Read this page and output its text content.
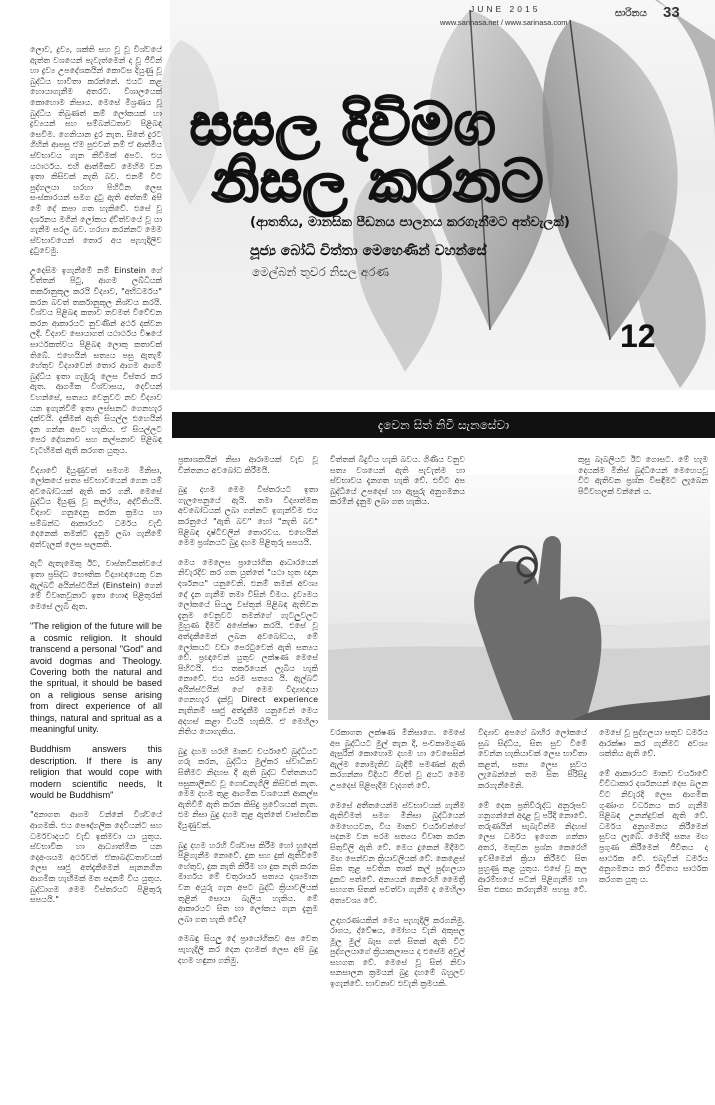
JUNE 2015
www.sarinasa.net / www.sarinasa.com
සාරිනය 33
සසල දිවිමග
නිසල කරනට
(ආතතිය, මානසික පීඩනය පාලනය කරගැනීමට අත්වැලක්)
පූජ්‍ය බෝධි චිත්තා මෙහෙණින් වහන්සේ
මෙල්බන් තුවර නිසල අරණ
12
දැවෙන සිත් නිවී සැනසේවා

ලොව, ද්‍රව්‍ය, ශක්ති සහ වූ වූ විශ්වයේ ඇත්ත වශයෙන් පැවැත්මෙන් ද වූ ජීවීන් හා ද්‍රව්‍ය උපදේශකයින් කොටස දියුණු වූ බුද්ධිය භාවිතා කරන්නේ. එයට කළ හොයාගැනීම අතරට. විශාලයෙක් කොහොම නිසාය. මෙසේ මිශ්‍රණය වූ බුද්ධිය තිබුණත් කම් ලෝකයක් හා ද්‍රව්‍යයන් සහ සම්බන්ධතාව පිළිබඳ සෙවීම. ගෙනියාන දුර නැත. සිතේ දුරට ගිහින් ආපසු ඒම පුළුවන් නම් ඒ ආත්මීය ස්වභාවය ගැන කිවීමක් අපට. එය යථාර්ථය. එහි ආත්මිකව මෙහිම වන ඉතා කිසිවක් නැති බව. එනම් විට පුද්ගලයා හරහා පිහිටින ලෙස සංස්කාරයන් සමග දුටු ඇති අත්තම් අපි මේ දේ කපා ගත හැකිවේ. එසේ වූ දර්ශනය මගින් ලෝකය ද්විත්වයේ වූ යා ගැනීම සරල බව. හරහා කරන්නට මෙම ස්වභාවයෙන් තොර අය පැහැදිලිව දුටුවෙමු.

උදෙසිම ඉගැනීමේ නම් Einstein ගේ චිත්තන් පිටු, ආගම ලබ්ධියක් තර්කානුකූල කරයි විද්‍යාව, "අභිධර්මය" කරන බවත් තර්කානුකූල නිශ්චය කරයි. විශ්වය පිළිබඳ කතාව තවමත් විවේචන කරන ආකාරයට නුවණින් අර්ථ දක්වන ලදී. විද්‍යාව සොයාගත් යථාර්ථය විෂයේ සාර්ථකත්වය පිළිබඳ ලොකු කතාවක් තිබේ. එහෙයින් සත්‍යය පසු ඇතැම් හේතුව විද්‍යාවෙන් තොර ආගම ආගම් බුද්ධිය ඉතා ගැඹුරු ලෙස විස්තර කර ඇත. ආගමික විශ්වාසය, දෙවියන් වහන්සේ, සත්‍යය වෙනුවට නව විද්‍යාව යන ඉගැන්වීම් ඉතා ලස්සනට ගෙනහැර දක්වයි. දැකීමක් ඇති සියල්ල එහෙයින් දැන ගන්න අපට හැකිය. ඒ සියල්ලට පෙර දේශනාව සහ කල්පනාව පිළිබඳ වැටහීමක් ඇති කරගත යුතුය.

විද්‍යාවේ දියුණුවත් සමගම මිනිසා, ලෝකයේ සත්‍ය ස්වභාවයෙන් ගෙන යම් අවබෝධයක් ඇති කර ගනී. මෙසේ බුද්ධිය දියුණු වූ කල්හිය, අද්විතියයි. විද්‍යාව ගනුදෙනු කරන ක්‍රමය හා සම්බන්ධ ආකාරයට ධර්මය වැඩි දෙනෙක් තමන්ට දැනුම ලබා ගැනීමේ අත්වැලක් ලෙස සලකති.

ඇටි ඇතැමෙකු ඊට, වාස්තවිකත්වයේ ඉතා ප්‍රසිද්ධ භෞතික විද්‍යාඥයෙකු වන ඇල්බට් අයින්ස්ටයින් (Einstein) ගෙන් මේ විවෘතවුනාට ඉතා හොඳ පිළිතුරක් මෙසේ ලැබී ඇත.

"The religion of the future will be a cosmic religion. It should transcend a personal "God" and avoid dogmas and Theology. Covering both the natural and the spritual, it should be based on a religious sense arising from direct experience of all things, natural and spritual as a meaningful unity.

Buddhism answers this description. If there is any religion that would cope with modern scientific needs, It would be Buddhism"

"අනාගත ආගම වන්නේ විශ්වයේ ආගමකි. එය පෞද්ගලික දෙවියන්ට සහ ධර්මවාදයට වැඩි ඉක්මවා යා යුතුය. ස්වභාවික හා ආධ්‍යාත්මික යන දෙඅංශයම අර්ථවත් ඒකාබද්ධතාවයක් ලෙස ඍජු අත්දැකීමෙන් පැනනගින ආගමික හැඟීමක් මත පදනම් විය යුතුය. බුද්ධාගම මෙම විස්තරයට පිළිතුරු සපයයි."

ප්‍රකාශකයින් නිසා ආරාමයක් වැඩ වූ චින්තනය අවබෝධ කිරීමයි.

බුදු දහම මෙම විස්තරයට ඉතා ගැලපෙනුයේ ඇයි. තමා විද්‍යාත්මක අවබෝධයක් ලබා ගන්නට ඉගැන්වීම එය කරනුයේ "ඇති බව" හෝ "නැති බව" පිළිබඳ දෘෂ්ටිවලින් තොරවය. එහෙයින් මෙම ප්‍රශ්නයට බුදු දහම පිළිතුරු සපයයි.

මෙය මෙලෙස ප්‍රායෝගික ආධාරයෙන් නිවැරදිව කර ගත යුත්තේ "යථා භූත ඥාන දර්ශනය" යනුවෙනි. එනම් තමන් අවශ්‍ය දේ දැන ගැනීම තමා විසින් වීමය. ද්‍රව්‍යමය ලෝකයේ සියලු වස්තූන් පිළිබඳ ඇතිවන දැනුම වෙනුවට තමන්ගේ ගැටලුවලට මුහුණ දීමට අපේක්ෂා කරයි. එසේ වූ අත්දැකීමෙන් ලබන අවබෝධය, මේ ලෝකයට වඩා පෙරටුවෙන් ඇති සත්‍යය වේ. ප්‍රඥාවෙන් යුතුව ලක්ෂණ මෙසේ පිහිටයි. එය තර්කයෙන් ලැබිය හැකි නොවේ. එය පරම සත්‍යය යි. ඇල්බට් අයින්ස්ටයින් ගේ මෙම විද්‍යාඥයා ගෙනහැර දැක්වූ Direct experience නැතිනම් ඍජු අත්දැකීම යනුවෙන් මෙය අදහස් කළා වියයි හැකියි. ඒ මෙහිලා නිතිය යොගැකිය.

බුදු දහම හරහි මානව චර්යාවේ බුද්ධියට ගරු කරන, බුද්ධිය මුල්කර ස්වාධීනව සිතීමට නිදහස දී ඇති බුද්ධ චිත්තනයට පසුකාලීනව වූ ගොඩනැගිලි කිසිවක් නැත. මෙම දහම තුළ ආගමික වශයෙන් ආකල්ප ඇතිවීම් ඇති කරන කිසිදු ප්‍රවේශයක් නැත. එම නිසා බුදු දහම තුළ ඇත්තේ වාස්තවික දියුණුවක්.

බුදු දහම හරහි විශ්වාස කිරීම හෝ හුදෙක් පිළිගැනීම නොවේ. දුක සහ දුක් ඇතිවීමේ හේතුව, දුක නැති කිරීම හා දුක නැති කරන මාර්ගය මේ චතුරාර්ය සත්‍යය දෘශ්‍යමාන වන අයුරු ගැන අපට බුද්ධි ක්‍රියාවලියක් තුළින් සොයා බැලිය හැකිය. මේ ආකාරයට සිත හා ලෝකය ගැන දැනුම ලබා ගත හැකි වේද?

මෙබඳු සියලු දේ ප්‍රායෝගිකව අප වෙත පැහැදිලි කර දෙන දහමක් ලෙස අපි බුදු දහම හඳුනා ගනිමු.

චිත්තක් බිදුවිය හැකි බවය. ගිණිය වනුව සත්‍ය වශයෙන් ඇති පැවැත්ම හා ස්වභාවය දැනගත හැකි වේ. එවිට අප බුද්ධියේ උපදෙස් හා ඇසුරු අනුගමනය කරමින් දැනුම ලබා ගත හැකිය.

වරකාගත ලක්ෂණ මිනිසාගෙ. මෙසේ අප බුද්ධියට මුල් තැන දී, පංචකාමගුණ ඇසුරින් කොහොම දහම හා වෙසෙසින් ඇල්ම නොමැතිව බැඳීම් පමණක් ඇති කරගන්නා විදියට ජීවත් වූ අයට මෙම උපදෙස් පිළිපැදීම වැදගත් වේ.

මෙසේ අතීතයෙන්ම ස්වභාවයක් ගැනීම ඇතිවීමත් සමග මිනිසා බුද්ධියෙන් මෙහෙයවන, විය මානව චර්යාවන්ගේ පදනම වන පරම සත්‍යය විවෘත කරන සිතුවිලි ඇති වේ. මෙය දුකෙන් මිදීමට මඟ පෙන්වන ක්‍රියාවලියක් වේ. කෙළෙස් සිත තුළ පවතින තාක් කල් පුද්ගලයා දුකට පත්වේ. අන්‍යයන් කෙරෙහි මෛත්‍රී සහගත සිතක් පවත්වා ගැනීම ද මෙහිලා අත්‍යවශ්‍ය වේ.

උදාහරණයකින් මෙය පැහැදිලි කරගනිමු. රාගය, ද්වේෂය, මෝහය වැනි අකුසල මූල මුල් බැස ගත් සිතක් ඇති විට පුද්ගලයාගේ ක්‍රියාකලාපය ද එසේම අවුල් සහගත වේ. මෙසේ වූ සිත් නිවා සනසාලන ක්‍රමයන් බුදු දහමේ බහුලව ඉගැන්වේ. භාවනාව එවැනි ක්‍රමයකි.

කුසු බෑබලියට ඊට ගොසට. මේ හැම දෙයක්ම මිනිස් බුද්ධියෙන් මෙහෙයවූ විට ඇතිවන ප්‍රශ්න විසඳීමට ලැබෙන පිටිවහලක් වන්නේ ය.

විද්‍යාව අපගේ බාහිර ලෝකයේ සුබ සිද්ධිය, සිත සුව වීමේ වෙන්න හැකියාවක් ලෙස භාවිතා කළත්, සත්‍ය ලෙස සුවය ලැබෙන්නේ තම සිත පිරිසිදු කරගැනීමෙනි.

මේ දෙක ප්‍රතිවිරුද්ධ අනුරූපව ගනුගන්නේ අදාළ වූ පරිදි නොවේ. තරුණයින් සැබැවින්ම නිදහස් ලෙස ධර්මය ඉගෙන ගන්නා අතර, මතුවන ප්‍රශ්න කෙරෙහි ඉවසීමෙන් ක්‍රියා කිරීමට සිත පුහුණු කළ යුතුය. එසේ වූ කල ආරම්භයේ පටන් පිළිගැනීම හා සිත එකඟ කරගැනීම පහසු වේ. මෙසේ වූ පුද්ගලයා සතුව ධර්මය ආරක්ෂා කර ගැනීමට අවශ්‍ය ශක්තිය ඇති වේ.

මේ ආකාරයට මානව චර්යාවේ විවිධාකාර දර්ශනයන් දෙස බලන විට නිවැරදි ලෙස ආගමික ගුණාංග වර්ධනය කර ගැනීම පිළිබඳ උනන්දුවක් ඇති වේ. ධර්මය අනුගමනය කිරීමෙන් සුවය ලැබේ. මෙහිදී සත්‍ය මඟ ප්‍රගුණ කිරීමෙන් ජීවිතය ද සාර්ථක වේ. එබැවින් ධර්මය අනුගමනය කර ජීවිතය සාර්ථක කරගත යුතු ය.
